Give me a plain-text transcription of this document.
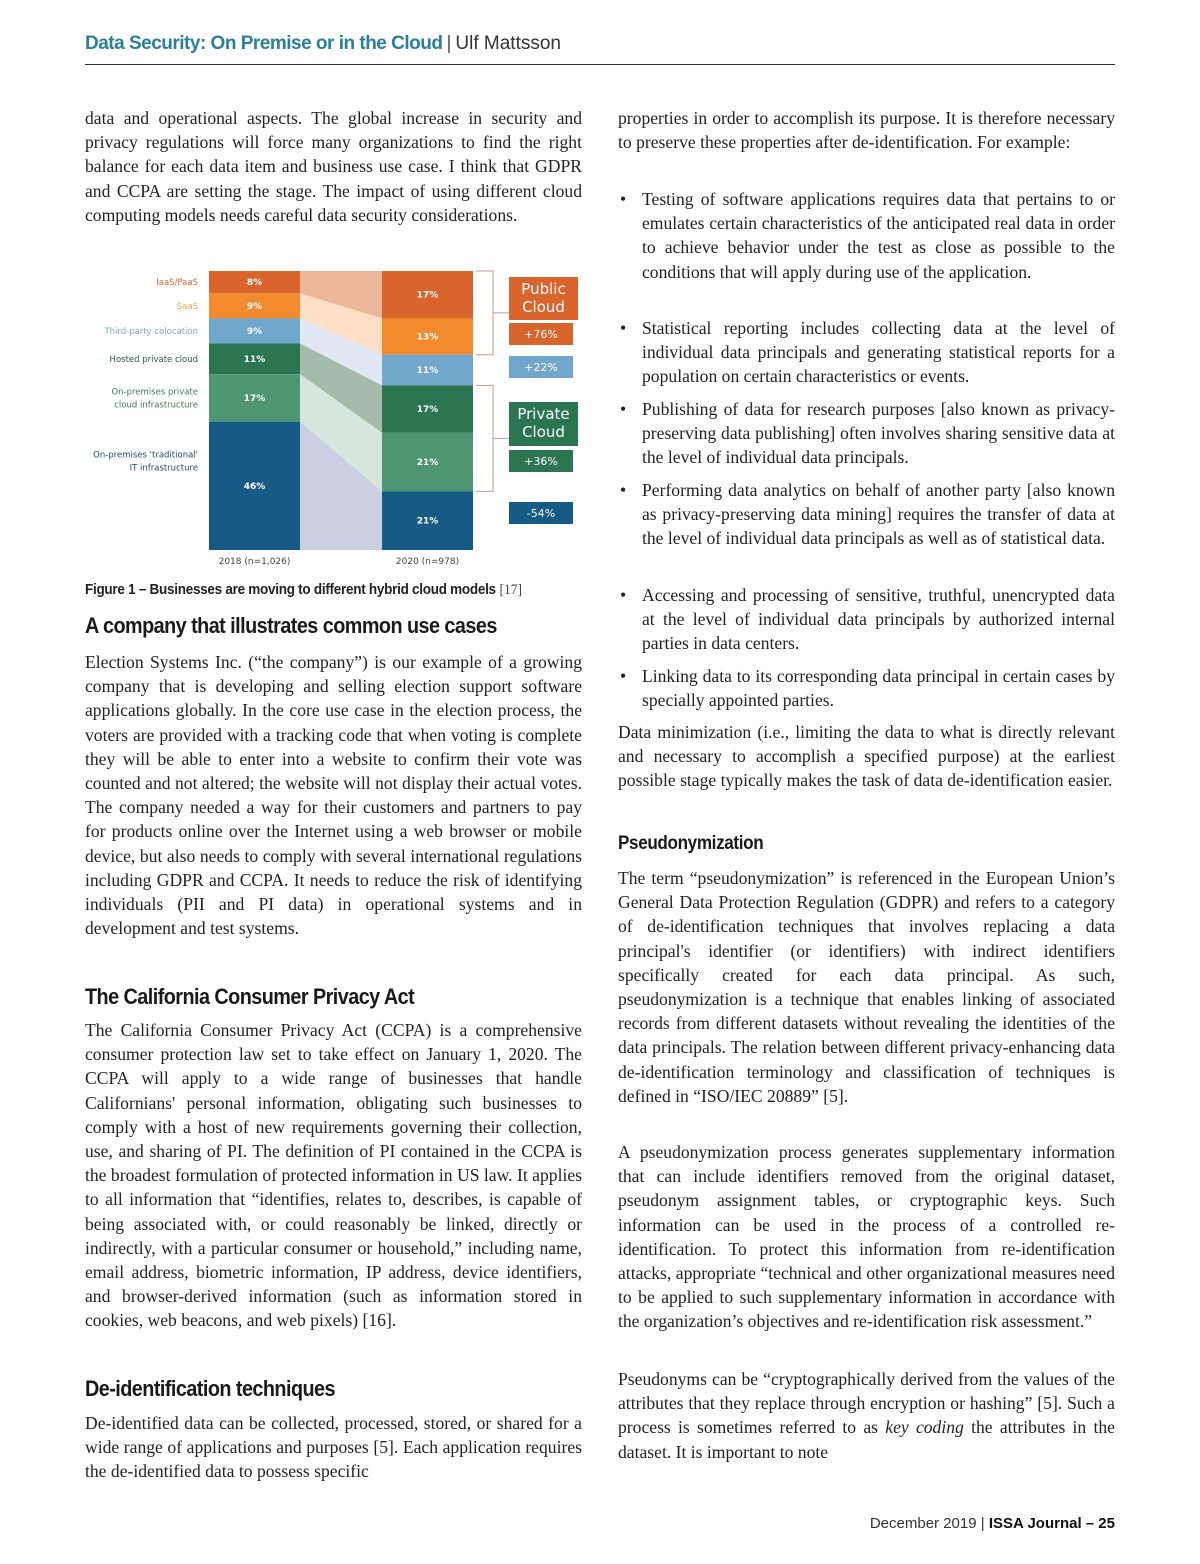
Data Security: On Premise or in the Cloud | Ulf Mattsson
data and operational aspects. The global increase in security and privacy regulations will force many organizations to find the right balance for each data item and business use case. I think that GDPR and CCPA are setting the stage. The impact of using different cloud computing models needs careful data security considerations.
8%
17%
IaaS/PaaS
9%
13%
SaaS
9%
11%
Third-party colocation
11%
17%
Hosted private cloud
17%
21%
On-premises private
cloud infrastructure
46%
21%
On-premises 'traditional'
IT infrastructure
2018 (n=1,026)	2020 (n=978)
Public
Cloud
+76%
+22%
Private
Cloud
+36%
-54%
Figure 1 – Businesses are moving to different hybrid cloud models [17]
A company that illustrates common use cases
Election Systems Inc. (“the company”) is our example of a growing company that is developing and selling election support software applications globally. In the core use case in the election process, the voters are provided with a tracking code that when voting is complete they will be able to enter into a website to confirm their vote was counted and not altered; the website will not display their actual votes. The company needed a way for their customers and partners to pay for products online over the Internet using a web browser or mobile device, but also needs to comply with several international regulations including GDPR and CCPA. It needs to reduce the risk of identifying individuals (PII and PI data) in operational systems and in development and test systems.
The California Consumer Privacy Act
The California Consumer Privacy Act (CCPA) is a comprehensive consumer protection law set to take effect on January 1, 2020. The CCPA will apply to a wide range of businesses that handle Californians' personal information, obligating such businesses to comply with a host of new requirements governing their collection, use, and sharing of PI. The definition of PI contained in the CCPA is the broadest formulation of protected information in US law. It applies to all information that “identifies, relates to, describes, is capable of being associated with, or could reasonably be linked, directly or indirectly, with a particular consumer or household,” including name, email address, biometric information, IP address, device identifiers, and browser-derived information (such as information stored in cookies, web beacons, and web pixels) [16].
De-identification techniques
De-identified data can be collected, processed, stored, or shared for a wide range of applications and purposes [5]. Each application requires the de-identified data to possess specific
properties in order to accomplish its purpose. It is therefore necessary to preserve these properties after de-identification. For example:
• Testing of software applications requires data that pertains to or emulates certain characteristics of the anticipated real data in order to achieve behavior under the test as close as possible to the conditions that will apply during use of the application.
• Statistical reporting includes collecting data at the level of individual data principals and generating statistical reports for a population on certain characteristics or events.
• Publishing of data for research purposes [also known as privacy-preserving data publishing] often involves sharing sensitive data at the level of individual data principals.
• Performing data analytics on behalf of another party [also known as privacy-preserving data mining] requires the transfer of data at the level of individual data principals as well as of statistical data.
• Accessing and processing of sensitive, truthful, unencrypted data at the level of individual data principals by authorized internal parties in data centers.
• Linking data to its corresponding data principal in certain cases by specially appointed parties.
Data minimization (i.e., limiting the data to what is directly relevant and necessary to accomplish a specified purpose) at the earliest possible stage typically makes the task of data de-identification easier.
Pseudonymization
The term “pseudonymization” is referenced in the European Union’s General Data Protection Regulation (GDPR) and refers to a category of de-identification techniques that involves replacing a data principal's identifier (or identifiers) with indirect identifiers specifically created for each data principal. As such, pseudonymization is a technique that enables linking of associated records from different datasets without revealing the identities of the data principals. The relation between different privacy-enhancing data de-identification terminology and classification of techniques is defined in “ISO/IEC 20889” [5].
A pseudonymization process generates supplementary information that can include identifiers removed from the original dataset, pseudonym assignment tables, or cryptographic keys. Such information can be used in the process of a controlled re-identification. To protect this information from re-identification attacks, appropriate “technical and other organizational measures need to be applied to such supplementary information in accordance with the organization’s objectives and re-identification risk assessment.”
Pseudonyms can be “cryptographically derived from the values of the attributes that they replace through encryption or hashing” [5]. Such a process is sometimes referred to as key coding the attributes in the dataset. It is important to note
December 2019 | ISSA Journal – 25
